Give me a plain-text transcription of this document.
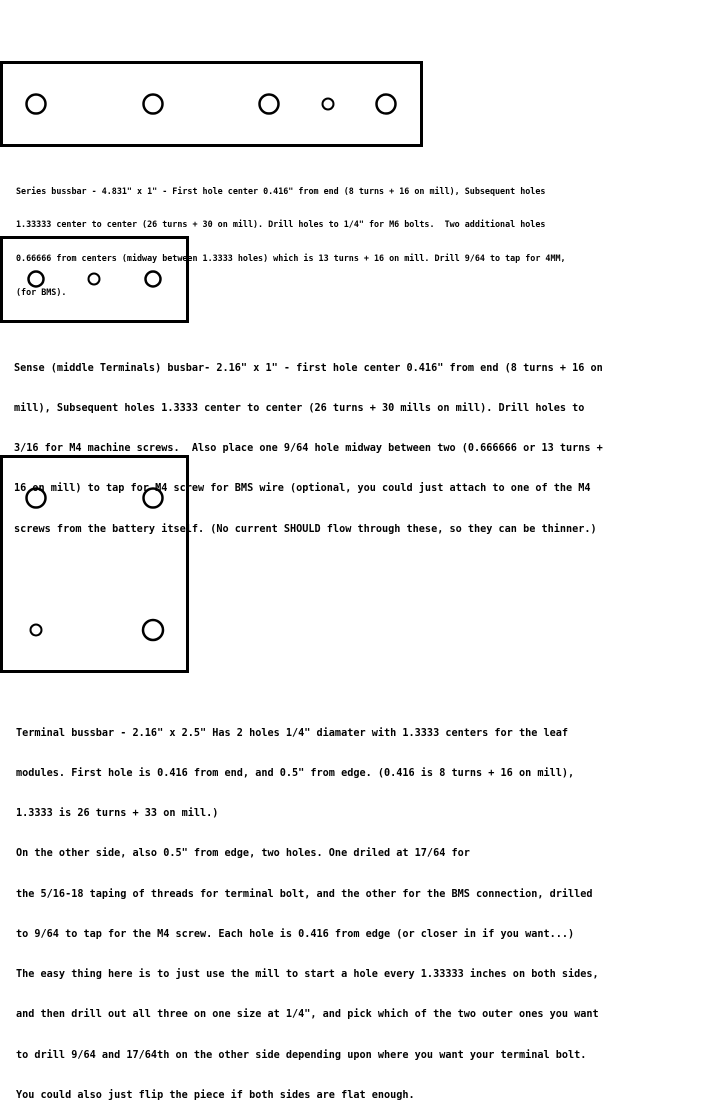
Series bussbar - 4.831" x 1" - First hole center 0.416" from end (8 turns + 16 on mill), Subsequent holes

1.33333 center to center (26 turns + 30 on mill). Drill holes to 1/4" for M6 bolts.  Two additional holes

0.66666 from centers (midway between 1.3333 holes) which is 13 turns + 16 on mill. Drill 9/64 to tap for 4MM,

(for BMS).

Sense (middle Terminals) busbar- 2.16" x 1" - first hole center 0.416" from end (8 turns + 16 on

mill), Subsequent holes 1.3333 center to center (26 turns + 30 mills on mill). Drill holes to

3/16 for M4 machine screws.  Also place one 9/64 hole midway between two (0.666666 or 13 turns +

16 on mill) to tap for M4 screw for BMS wire (optional, you could just attach to one of the M4

screws from the battery itself. (No current SHOULD flow through these, so they can be thinner.)

Terminal bussbar - 2.16" x 2.5" Has 2 holes 1/4" diamater with 1.3333 centers for the leaf

modules. First hole is 0.416 from end, and 0.5" from edge. (0.416 is 8 turns + 16 on mill),

1.3333 is 26 turns + 33 on mill.)

On the other side, also 0.5" from edge, two holes. One driled at 17/64 for

the 5/16-18 taping of threads for terminal bolt, and the other for the BMS connection, drilled

to 9/64 to tap for the M4 screw. Each hole is 0.416 from edge (or closer in if you want...)

The easy thing here is to just use the mill to start a hole every 1.33333 inches on both sides,

and then drill out all three on one size at 1/4", and pick which of the two outer ones you want

to drill 9/64 and 17/64th on the other side depending upon where you want your terminal bolt.

You could also just flip the piece if both sides are flat enough.
